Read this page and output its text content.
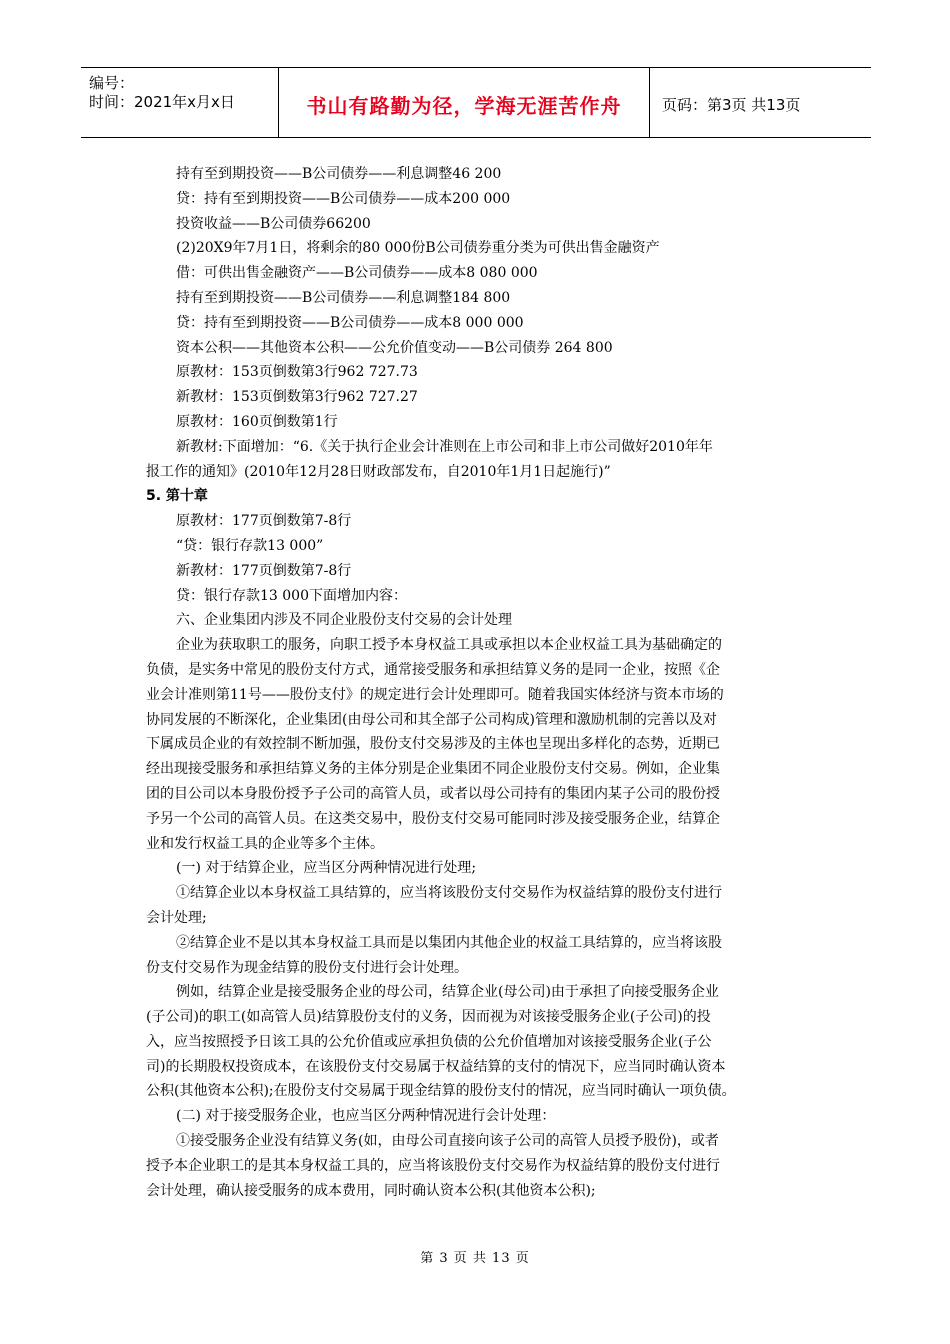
编号：
时间：2021年x月x日	书山有路勤为径，学海无涯苦作舟	页码：第3页 共13页
持有至到期投资——B公司债券——利息调整46 200
贷：持有至到期投资——B公司债券——成本200 000
投资收益——B公司债券66200
(2)20X9年7月1日，将剩余的80 000份B公司债券重分类为可供出售金融资产
借：可供出售金融资产——B公司债券——成本8 080 000
持有至到期投资——B公司债券——利息调整184 800
贷：持有至到期投资——B公司债券——成本8 000 000
资本公积——其他资本公积——公允价值变动——B公司债券 264 800
原教材：153页倒数第3行962 727.73
新教材：153页倒数第3行962 727.27
原教材：160页倒数第1行
新教材:下面增加：“6.《关于执行企业会计准则在上市公司和非上市公司做好2010年年
报工作的通知》(2010年12月28日财政部发布，自2010年1月1日起施行)”
5. 第十章
原教材：177页倒数第7-8行
“贷：银行存款13 000”
新教材：177页倒数第7-8行
贷：银行存款13 000下面增加内容：
六、企业集团内涉及不同企业股份支付交易的会计处理
企业为获取职工的服务，向职工授予本身权益工具或承担以本企业权益工具为基础确定的
负债，是实务中常见的股份支付方式，通常接受服务和承担结算义务的是同一企业，按照《企
业会计准则第11号——股份支付》的规定进行会计处理即可。随着我国实体经济与资本市场的
协同发展的不断深化，企业集团(由母公司和其全部子公司构成)管理和激励机制的完善以及对
下属成员企业的有效控制不断加强，股份支付交易涉及的主体也呈现出多样化的态势，近期已
经出现接受服务和承担结算义务的主体分别是企业集团不同企业股份支付交易。例如，企业集
团的目公司以本身股份授予子公司的高管人员，或者以母公司持有的集团内某子公司的股份授
予另一个公司的高管人员。在这类交易中，股份支付交易可能同时涉及接受服务企业，结算企
业和发行权益工具的企业等多个主体。
(一) 对于结算企业，应当区分两种情况进行处理;
①结算企业以本身权益工具结算的，应当将该股份支付交易作为权益结算的股份支付进行
会计处理;
②结算企业不是以其本身权益工具而是以集团内其他企业的权益工具结算的，应当将该股
份支付交易作为现金结算的股份支付进行会计处理。
例如，结算企业是接受服务企业的母公司，结算企业(母公司)由于承担了向接受服务企业
(子公司)的职工(如高管人员)结算股份支付的义务，因而视为对该接受服务企业(子公司)的投
入，应当按照授予日该工具的公允价值或应承担负债的公允价值增加对该接受服务企业(子公
司)的长期股权投资成本，在该股份支付交易属于权益结算的支付的情况下，应当同时确认资本
公积(其他资本公积);在股份支付交易属于现金结算的股份支付的情况，应当同时确认一项负债。
(二) 对于接受服务企业，也应当区分两种情况进行会计处理：
①接受服务企业没有结算义务(如，由母公司直接向该子公司的高管人员授予股份)，或者
授予本企业职工的是其本身权益工具的，应当将该股份支付交易作为权益结算的股份支付进行
会计处理，确认接受服务的成本费用，同时确认资本公积(其他资本公积);
第 3 页 共 13 页
